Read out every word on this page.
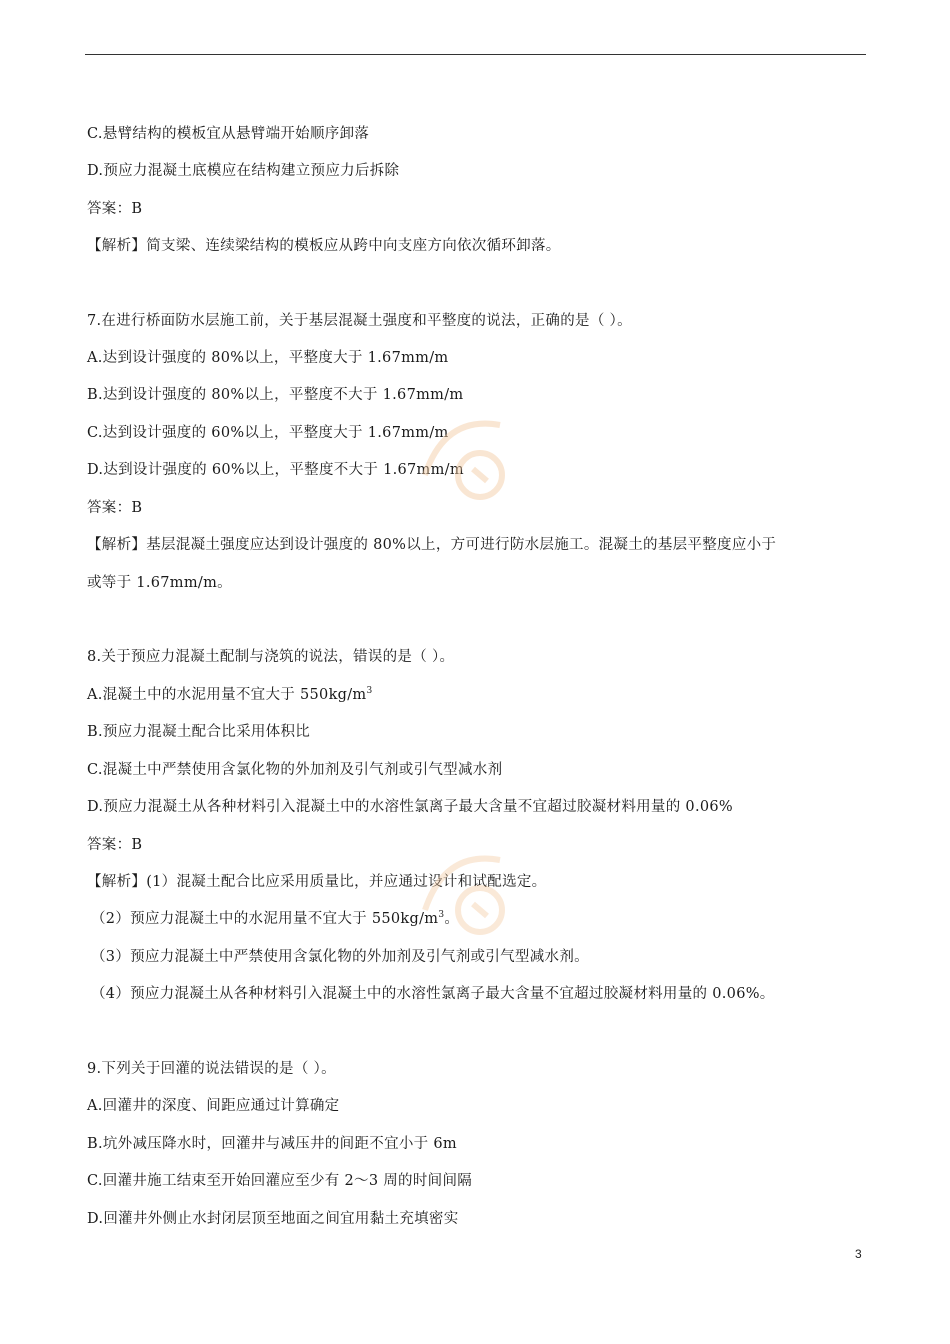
C.悬臂结构的模板宜从悬臂端开始顺序卸落
D.预应力混凝土底模应在结构建立预应力后拆除
答案：B
【解析】简支梁、连续梁结构的模板应从跨中向支座方向依次循环卸落。
7.在进行桥面防水层施工前，关于基层混凝土强度和平整度的说法，正确的是（ ）。
A.达到设计强度的 80%以上，平整度大于 1.67mm/m
B.达到设计强度的 80%以上，平整度不大于 1.67mm/m
C.达到设计强度的 60%以上，平整度大于 1.67mm/m
D.达到设计强度的 60%以上，平整度不大于 1.67mm/m
答案：B
【解析】基层混凝土强度应达到设计强度的 80%以上，方可进行防水层施工。混凝土的基层平整度应小于
或等于 1.67mm/m。
8.关于预应力混凝土配制与浇筑的说法，错误的是（ ）。
A.混凝土中的水泥用量不宜大于 $550kg/m^3$
B.预应力混凝土配合比采用体积比
C.混凝土中严禁使用含氯化物的外加剂及引气剂或引气型减水剂
D.预应力混凝土从各种材料引入混凝土中的水溶性氯离子最大含量不宜超过胶凝材料用量的 0.06%
答案：B
【解析】(1）混凝土配合比应采用质量比，并应通过设计和试配选定。
（2）预应力混凝土中的水泥用量不宜大于 $550kg/m^3$。
（3）预应力混凝土中严禁使用含氯化物的外加剂及引气剂或引气型减水剂。
（4）预应力混凝土从各种材料引入混凝土中的水溶性氯离子最大含量不宜超过胶凝材料用量的 0.06%。
9.下列关于回灌的说法错误的是（ ）。
A.回灌井的深度、间距应通过计算确定
B.坑外减压降水时，回灌井与减压井的间距不宜小于 6m
C.回灌井施工结束至开始回灌应至少有 2～3 周的时间间隔
D.回灌井外侧止水封闭层顶至地面之间宜用黏土充填密实
3
